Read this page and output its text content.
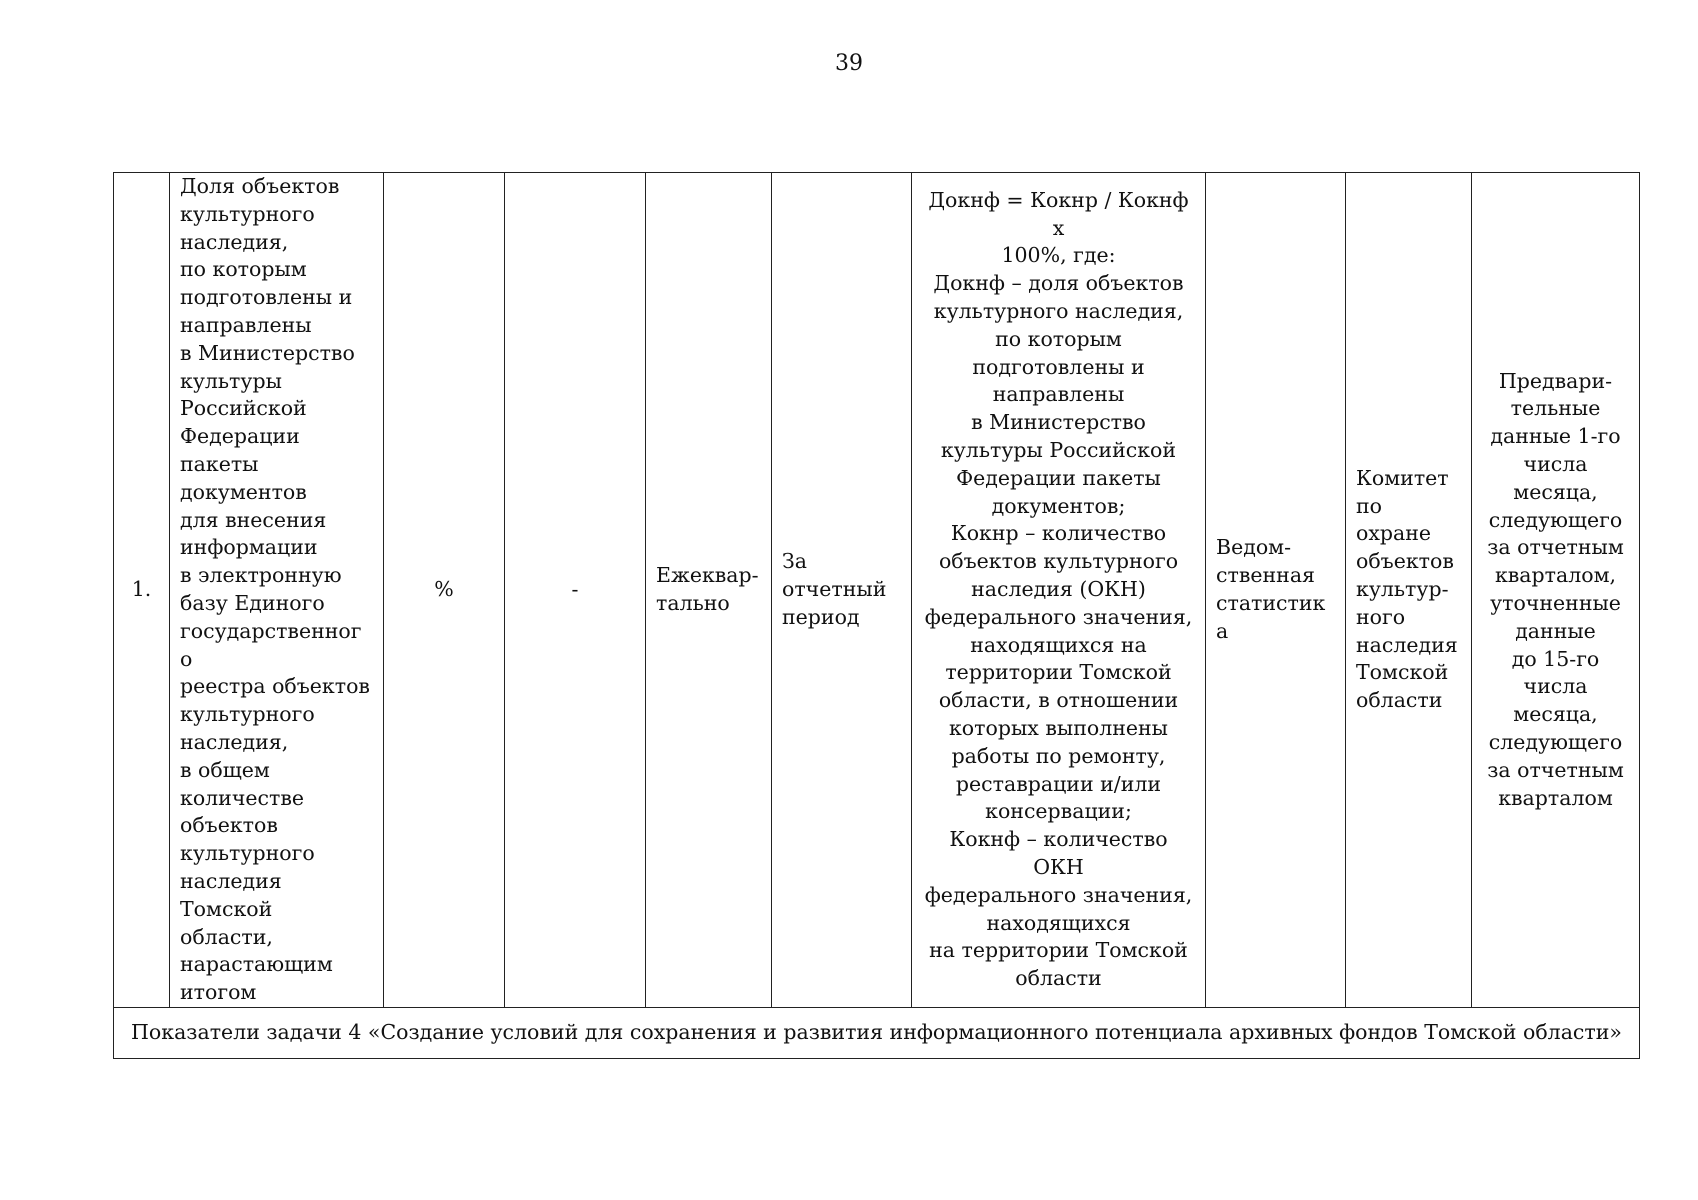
39
1.	Доля объектов
культурного
наследия,
по которым
подготовлены и
направлены
в Министерство
культуры
Российской
Федерации
пакеты
документов
для внесения
информации
в электронную
базу Единого
государственного
реестра объектов
культурного
наследия,
в общем
количестве
объектов
культурного
наследия Томской
области,
нарастающим
итогом	%	-	Ежеквар-
тально	За
отчетный
период	Докнф = Кокнр / Кокнф x
100%, где:
Докнф – доля объектов
культурного наследия,
по которым
подготовлены и
направлены
в Министерство
культуры Российской
Федерации пакеты
документов;
Кокнр – количество
объектов культурного
наследия (ОКН)
федерального значения,
находящихся на
территории Томской
области, в отношении
которых выполнены
работы по ремонту,
реставрации и/или
консервации;
Кокнф – количество ОКН
федерального значения,
находящихся
на территории Томской
области	Ведом-
ственная
статистика	Комитет
по охране
объектов
культур-
ного
наследия
Томской
области	Предвари-
тельные
данные 1-го
числа месяца,
следующего
за отчетным
кварталом,
уточненные
данные
до 15-го
числа месяца,
следующего
за отчетным
кварталом
Показатели задачи 4 «Создание условий для сохранения и развития информационного потенциала архивных фондов Томской области»
